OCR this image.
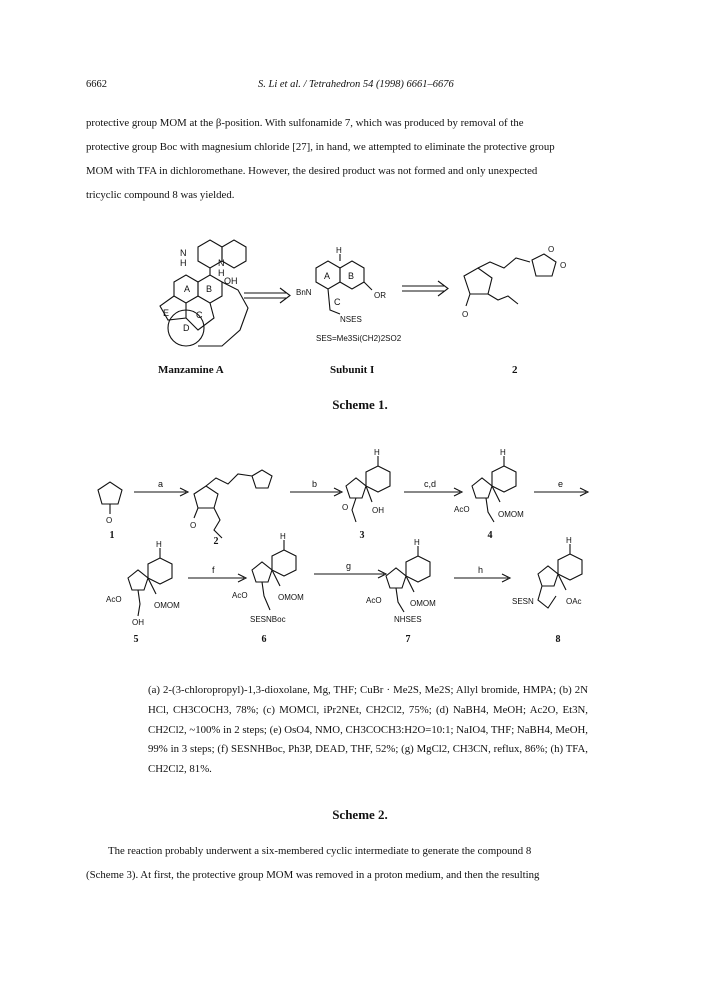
6662	S. Li et al. / Tetrahedron 54 (1998) 6661–6676
protective group MOM at the β-position. With sulfonamide 7, which was produced by removal of the
protective group Boc with magnesium chloride [27], in hand, we attempted to eliminate the protective group
MOM with TFA in dichloromethane. However, the desired product was not formed and only unexpected
tricyclic compound 8 was yielded.
N
H	N
H
OH
A B
C
D
E
H
BnN	OR
NSES
SES=Me3Si(CH2)2SO2
A B
C
O
O
O
O
a
O
b
H
O	OH
c,d
H
AcO
OMOM
e
H
AcO
OMOM
OH
f
H
AcO	OMOM
SESNBoc
g
H
AcO	OMOM
NHSES
h
H
SESN	OAc
Manzamine A	Subunit I	2
Scheme 1.
1
2
3	4
5	6	7	8
(a) 2-(3-chloropropyl)-1,3-dioxolane, Mg, THF; CuBr · Me2S, Me2S; Allyl bromide, HMPA; (b) 2N HCl, CH3COCH3, 78%; (c) MOMCl, iPr2NEt, CH2Cl2, 75%; (d) NaBH4, MeOH; Ac2O, Et3N, CH2Cl2, ~100% in 2 steps; (e) OsO4, NMO, CH3COCH3:H2O=10:1; NaIO4, THF; NaBH4, MeOH, 99% in 3 steps; (f) SESNHBoc, Ph3P, DEAD, THF, 52%; (g) MgCl2, CH3CN, reflux, 86%; (h) TFA, CH2Cl2, 81%.
Scheme 2.
The reaction probably underwent a six-membered cyclic intermediate to generate the compound 8
(Scheme 3). At first, the protective group MOM was removed in a proton medium, and then the resulting
